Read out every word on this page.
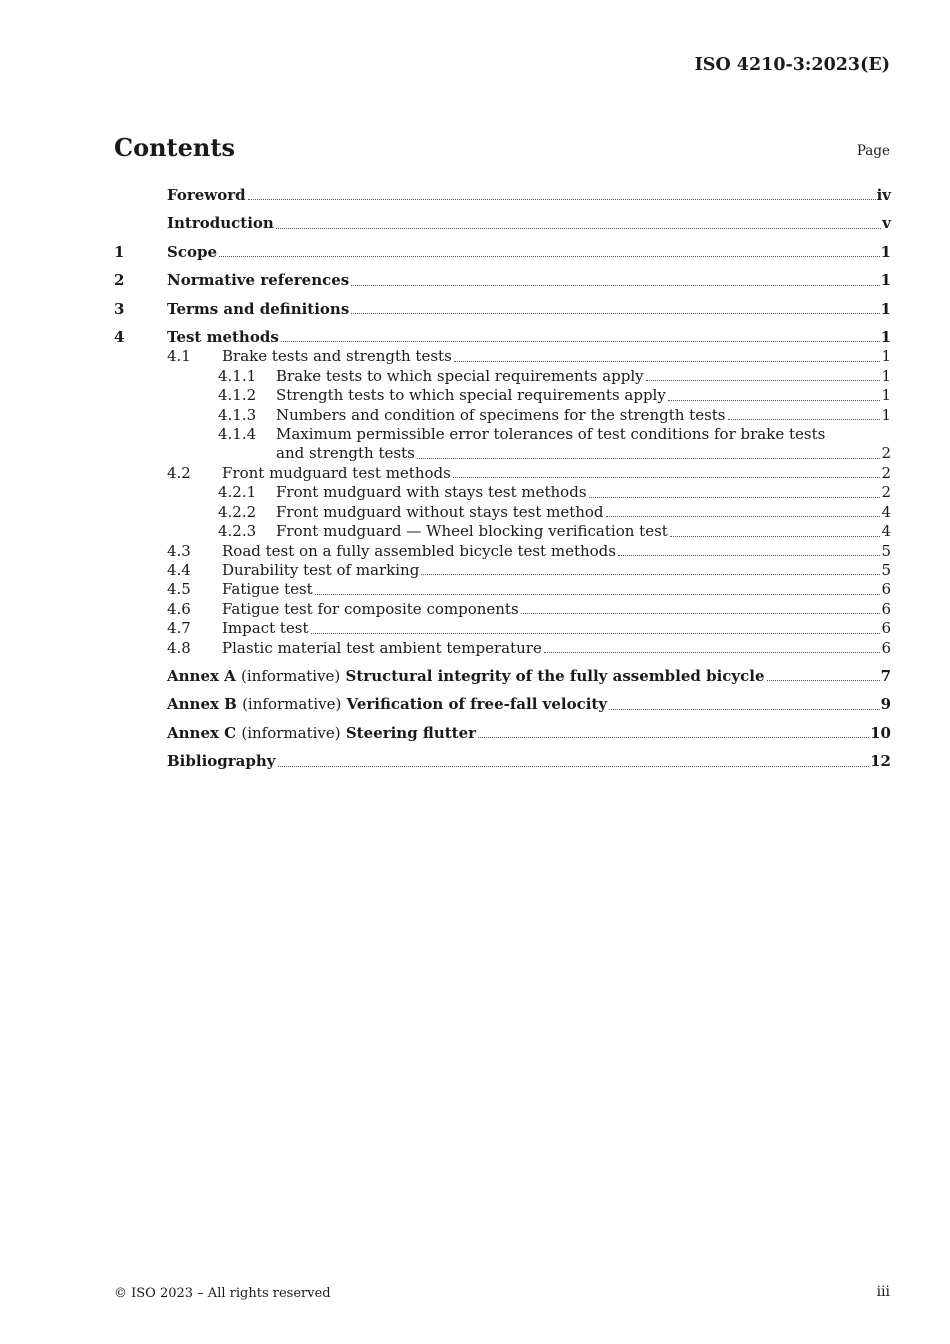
ISO 4210-3:2023(E)
Contents	Page
Foreword	iv
Introduction	v
1	Scope	1
2	Normative references	1
3	Terms and definitions	1
4	Test methods	1
4.1	Brake tests and strength tests	1
4.1.1	Brake tests to which special requirements apply	1
4.1.2	Strength tests to which special requirements apply	1
4.1.3	Numbers and condition of specimens for the strength tests	1
4.1.4	Maximum permissible error tolerances of test conditions for brake tests
and strength tests	2
4.2	Front mudguard test methods	2
4.2.1	Front mudguard with stays test methods	2
4.2.2	Front mudguard without stays test method	4
4.2.3	Front mudguard — Wheel blocking verification test	4
4.3	Road test on a fully assembled bicycle test methods	5
4.4	Durability test of marking	5
4.5	Fatigue test	6
4.6	Fatigue test for composite components	6
4.7	Impact test	6
4.8	Plastic material test ambient temperature	6
Annex A (informative) Structural integrity of the fully assembled bicycle	7
Annex B (informative) Verification of free-fall velocity	9
Annex C (informative) Steering flutter	10
Bibliography	12
© ISO 2023 – All rights reserved	iii
